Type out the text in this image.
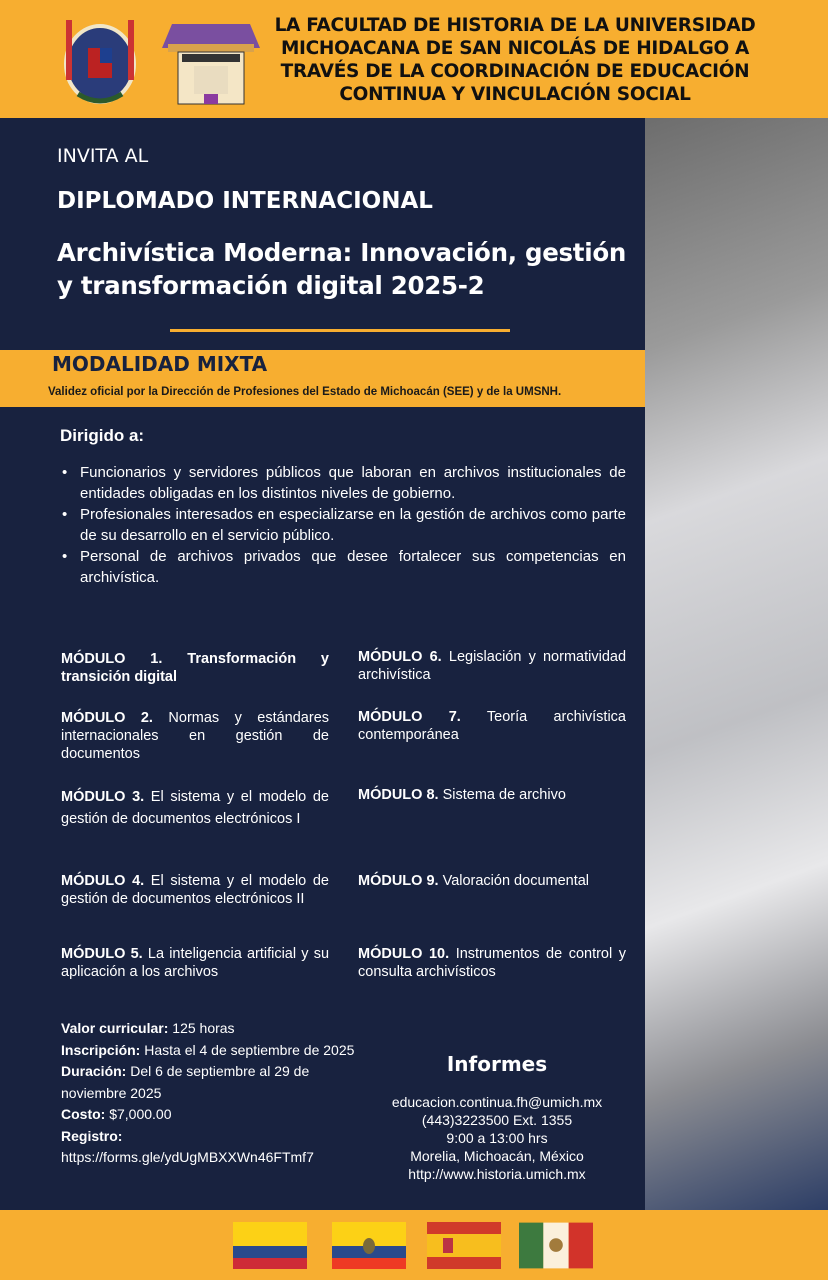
LA FACULTAD DE HISTORIA DE LA UNIVERSIDAD MICHOACANA DE SAN NICOLÁS DE HIDALGO A TRAVÉS DE LA COORDINACIÓN DE EDUCACIÓN CONTINUA Y VINCULACIÓN SOCIAL
INVITA AL
DIPLOMADO INTERNACIONAL
Archivística Moderna: Innovación, gestión y transformación digital 2025-2
MODALIDAD MIXTA
Validez oficial por la Dirección de Profesiones del Estado de Michoacán (SEE) y de la UMSNH.
Dirigido a:
• Funcionarios y servidores públicos que laboran en archivos institucionales de entidades obligadas en los distintos niveles de gobierno.
• Profesionales interesados en especializarse en la gestión de archivos como parte de su desarrollo en el servicio público.
• Personal de archivos privados que desee fortalecer sus competencias en archivística.
MÓDULO 1. Transformación y transición digital
MÓDULO 2. Normas y estándares internacionales en gestión de documentos
MÓDULO 3. El sistema y el modelo de gestión de documentos electrónicos I
MÓDULO 4. El sistema y el modelo de gestión de documentos electrónicos II
MÓDULO 5. La inteligencia artificial y su aplicación a los archivos
MÓDULO 6. Legislación y normatividad archivística
MÓDULO 7. Teoría archivística contemporánea
MÓDULO 8. Sistema de archivo
MÓDULO 9. Valoración documental
MÓDULO 10. Instrumentos de control y consulta archivísticos
Valor curricular: 125 horas
Inscripción: Hasta el 4 de septiembre de 2025
Duración: Del 6 de septiembre al 29 de noviembre 2025
Costo: $7,000.00
Registro:
https://forms.gle/ydUgMBXXWn46FTmf7
Informes
educacion.continua.fh@umich.mx
(443)3223500 Ext. 1355
9:00 a 13:00 hrs
Morelia, Michoacán, México
http://www.historia.umich.mx
